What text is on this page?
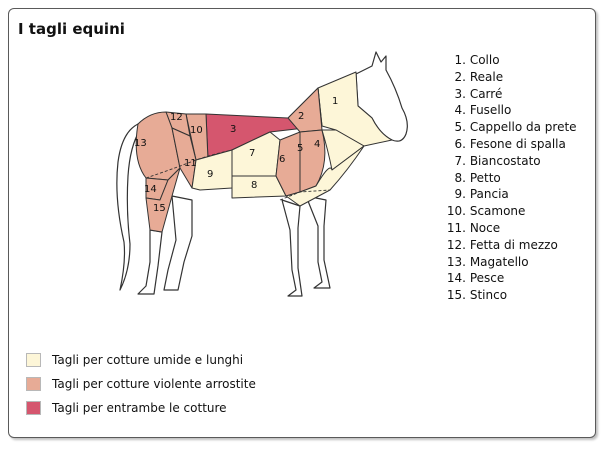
I tagli equini
1
2
3
4
5
6
7
8
9
10
11
12
13
14
15
1. Collo
2. Reale
3. Carré
4. Fusello
5. Cappello da prete
6. Fesone di spalla
7. Biancostato
8. Petto
9. Pancia
10. Scamone
11. Noce
12. Fetta di mezzo
13. Magatello
14. Pesce
15. Stinco
Tagli per cotture umide e lunghi
Tagli per cotture violente arrostite
Tagli per entrambe le cotture
